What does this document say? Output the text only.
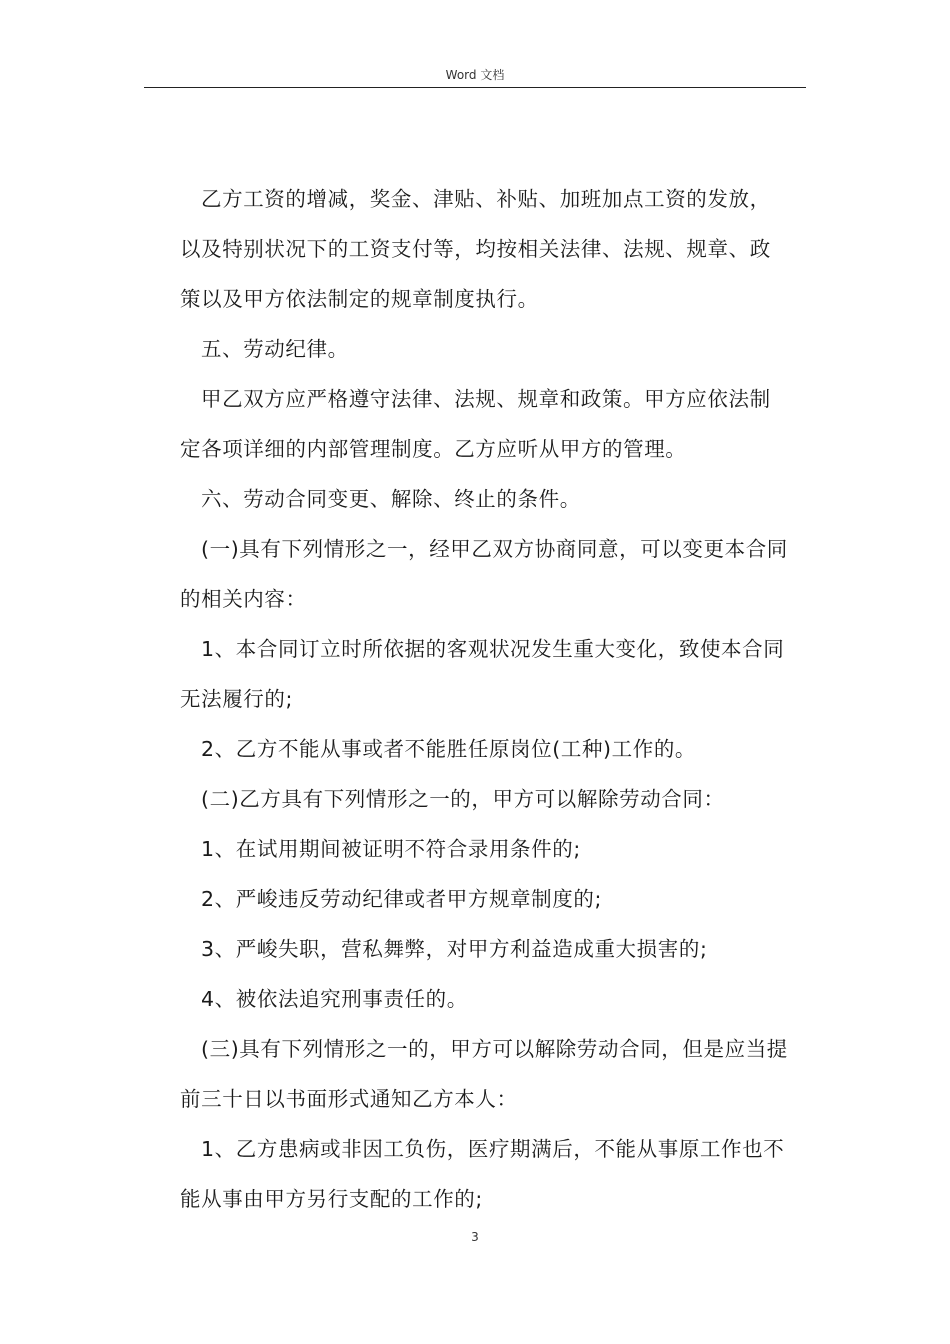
Word 文档

乙方工资的增减，奖金、津贴、补贴、加班加点工资的发放，以及特别状况下的工资支付等，均按相关法律、法规、规章、政策以及甲方依法制定的规章制度执行。

五、劳动纪律。

甲乙双方应严格遵守法律、法规、规章和政策。甲方应依法制定各项详细的内部管理制度。乙方应听从甲方的管理。

六、劳动合同变更、解除、终止的条件。

(一)具有下列情形之一，经甲乙双方协商同意，可以变更本合同的相关内容：

1、本合同订立时所依据的客观状况发生重大变化，致使本合同无法履行的;

2、乙方不能从事或者不能胜任原岗位(工种)工作的。

(二)乙方具有下列情形之一的，甲方可以解除劳动合同：

1、在试用期间被证明不符合录用条件的;

2、严峻违反劳动纪律或者甲方规章制度的;

3、严峻失职，营私舞弊，对甲方利益造成重大损害的;

4、被依法追究刑事责任的。

(三)具有下列情形之一的，甲方可以解除劳动合同，但是应当提前三十日以书面形式通知乙方本人：

1、乙方患病或非因工负伤，医疗期满后，不能从事原工作也不能从事由甲方另行支配的工作的;

3
